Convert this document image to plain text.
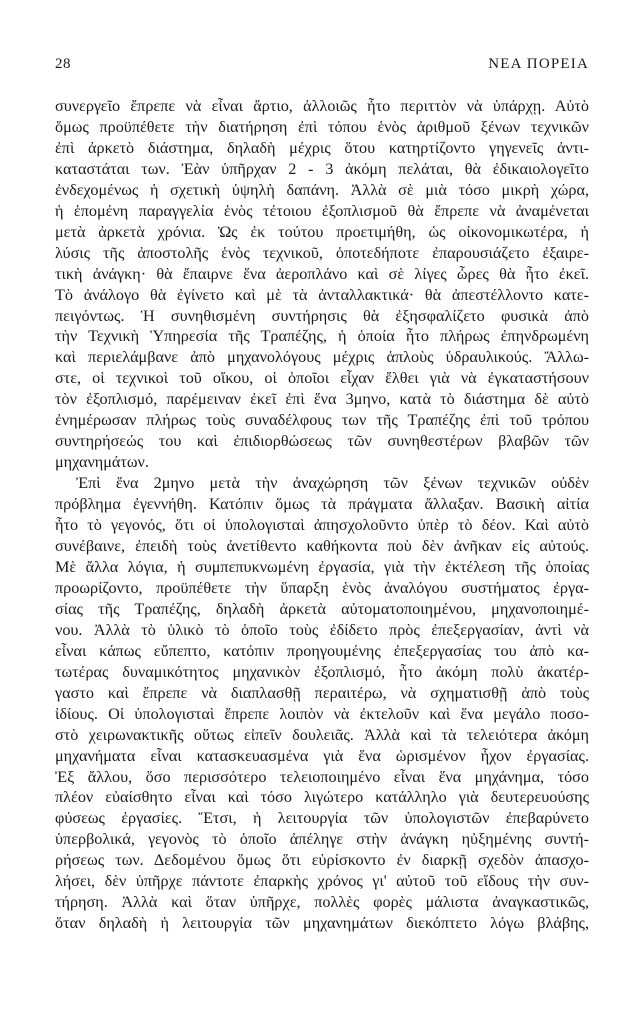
28	ΝΕΑ ΠΟΡΕΙΑ
συνεργεῖο ἔπρεπε νὰ εἶναι ἄρτιο, ἀλλοιῶς ἦτο περιττὸν νὰ ὑπάρχῃ. Αὐτὸ
ὅμως προϋπέθετε τὴν διατήρηση ἐπὶ τόπου ἑνὸς ἀριθμοῦ ξένων τεχνικῶν
ἐπὶ ἀρκετὸ διάστημα, δηλαδὴ μέχρις ὅτου κατηρτίζοντο γηγενεῖς ἀντι-
καταστάται των. Ἐὰν ὑπῆρχαν 2 - 3 ἀκόμη πελάται, θὰ ἐδικαιολογεῖτο
ἐνδεχομένως ἡ σχετικὴ ὑψηλὴ δαπάνη. Ἀλλὰ σὲ μιὰ τόσο μικρὴ χώρα,
ἡ ἑπομένη παραγγελία ἑνὸς τέτοιου ἐξοπλισμοῦ θὰ ἔπρεπε νὰ ἀναμένεται
μετὰ ἀρκετὰ χρόνια. Ὡς ἐκ τούτου προετιμήθη, ὡς οἰκονομικωτέρα, ἡ
λύσις τῆς ἀποστολῆς ἑνὸς τεχνικοῦ, ὁποτεδήποτε ἐπαρουσιάζετο ἐξαιρε-
τικὴ ἀνάγκη· θὰ ἔπαιρνε ἕνα ἀεροπλάνο καὶ σὲ λίγες ὧρες θὰ ἦτο ἐκεῖ.
Τὸ ἀνάλογο θὰ ἐγίνετο καὶ μὲ τὰ ἀνταλλακτικά· θὰ ἀπεστέλλοντο κατε-
πειγόντως. Ἡ συνηθισμένη συντήρησις θὰ ἐξησφαλίζετο φυσικὰ ἀπὸ
τὴν Τεχνικὴ Ὑπηρεσία τῆς Τραπέζης, ἡ ὁποία ἦτο πλήρως ἐπηνδρωμένη
καὶ περιελάμβανε ἀπὸ μηχανολόγους μέχρις ἁπλοὺς ὑδραυλικούς. Ἄλλω-
στε, οἱ τεχνικοὶ τοῦ οἴκου, οἱ ὁποῖοι εἶχαν ἔλθει γιὰ νὰ ἐγκαταστήσουν
τὸν ἐξοπλισμό, παρέμειναν ἐκεῖ ἐπὶ ἕνα 3μηνο, κατὰ τὸ διάστημα δὲ αὐτὸ
ἐνημέρωσαν πλήρως τοὺς συναδέλφους των τῆς Τραπέζης ἐπὶ τοῦ τρόπου
συντηρήσεώς του καὶ ἐπιδιορθώσεως τῶν συνηθεστέρων βλαβῶν τῶν
μηχανημάτων.
Ἐπὶ ἕνα 2μηνο μετὰ τὴν ἀναχώρηση τῶν ξένων τεχνικῶν οὐδὲν
πρόβλημα ἐγεννήθη. Κατόπιν ὅμως τὰ πράγματα ἄλλαξαν. Βασικὴ αἰτία
ἦτο τὸ γεγονός, ὅτι οἱ ὑπολογισταὶ ἀπησχολοῦντο ὑπὲρ τὸ δέον. Καὶ αὐτὸ
συνέβαινε, ἐπειδὴ τοὺς ἀνετίθεντο καθήκοντα ποὺ δὲν ἀνῆκαν εἰς αὐτούς.
Μὲ ἄλλα λόγια, ἡ συμπεπυκνωμένη ἐργασία, γιὰ τὴν ἐκτέλεση τῆς ὁποίας
προωρίζοντο, προϋπέθετε τὴν ὕπαρξη ἑνὸς ἀναλόγου συστήματος ἐργα-
σίας τῆς Τραπέζης, δηλαδὴ ἀρκετὰ αὐτοματοποιημένου, μηχανοποιημέ-
νου. Ἀλλὰ τὸ ὑλικὸ τὸ ὁποῖο τοὺς ἐδίδετο πρὸς ἐπεξεργασίαν, ἀντὶ νὰ
εἶναι κάπως εὔπεπτο, κατόπιν προηγουμένης ἐπεξεργασίας του ἀπὸ κα-
τωτέρας δυναμικότητος μηχανικὸν ἐξοπλισμό, ἦτο ἀκόμη πολὺ ἀκατέρ-
γαστο καὶ ἔπρεπε νὰ διαπλασθῇ περαιτέρω, νὰ σχηματισθῇ ἀπὸ τοὺς
ἰδίους. Οἱ ὑπολογισταὶ ἔπρεπε λοιπὸν νὰ ἐκτελοῦν καὶ ἕνα μεγάλο ποσο-
στὸ χειρωνακτικῆς οὕτως εἰπεῖν δουλειᾶς. Ἀλλὰ καὶ τὰ τελειότερα ἀκόμη
μηχανήματα εἶναι κατασκευασμένα γιὰ ἕνα ὡρισμένον ἦχον ἐργασίας.
Ἐξ ἄλλου, ὅσο περισσότερο τελειοποιημένο εἶναι ἕνα μηχάνημα, τόσο
πλέον εὐαίσθητο εἶναι καὶ τόσο λιγώτερο κατάλληλο γιὰ δευτερευούσης
φύσεως ἐργασίες. Ἔτσι, ἡ λειτουργία τῶν ὑπολογιστῶν ἐπεβαρύνετο
ὑπερβολικά, γεγονὸς τὸ ὁποῖο ἀπέληγε στὴν ἀνάγκη ηὐξημένης συντή-
ρήσεως των. Δεδομένου ὅμως ὅτι εὑρίσκοντο ἐν διαρκῇ σχεδὸν ἀπασχο-
λήσει, δὲν ὑπῆρχε πάντοτε ἐπαρκὴς χρόνος γι' αὐτοῦ τοῦ εἴδους τὴν συν-
τήρηση. Ἀλλὰ καὶ ὅταν ὑπῆρχε, πολλὲς φορὲς μάλιστα ἀναγκαστικῶς,
ὅταν δηλαδὴ ἡ λειτουργία τῶν μηχανημάτων διεκόπτετο λόγω βλάβης,
